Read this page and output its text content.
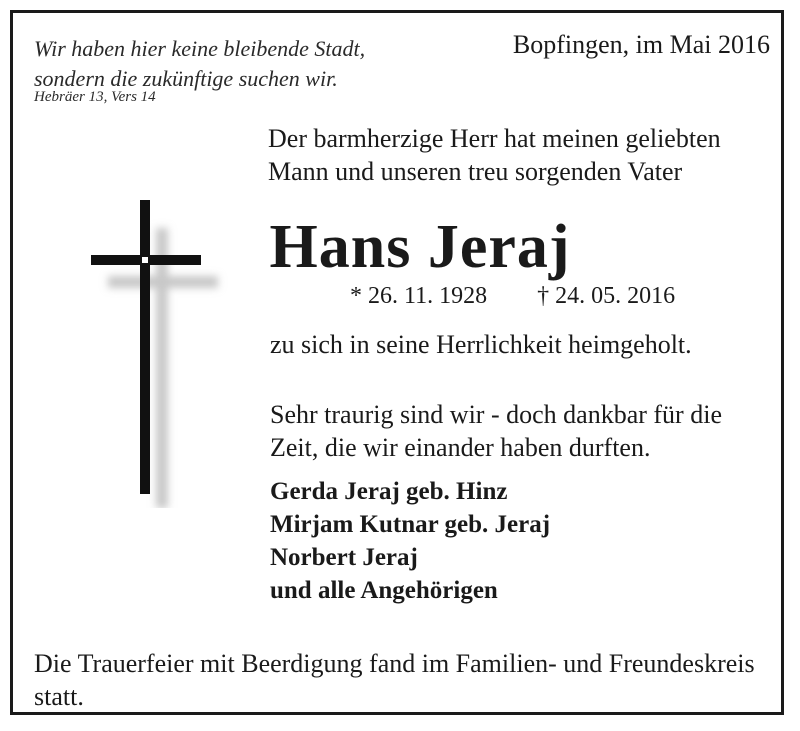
Wir haben hier keine bleibende Stadt,
sondern die zukünftige suchen wir.
Hebräer 13, Vers 14
Bopfingen, im Mai 2016
Der barmherzige Herr hat meinen geliebten
Mann und unseren treu sorgenden Vater
Hans Jeraj
* 26. 11. 1928 † 24. 05. 2016
zu sich in seine Herrlichkeit heimgeholt.
Sehr traurig sind wir - doch dankbar für die
Zeit, die wir einander haben durften.
Gerda Jeraj geb. Hinz
Mirjam Kutnar geb. Jeraj
Norbert Jeraj
und alle Angehörigen
Die Trauerfeier mit Beerdigung fand im Familien- und Freundeskreis statt.
